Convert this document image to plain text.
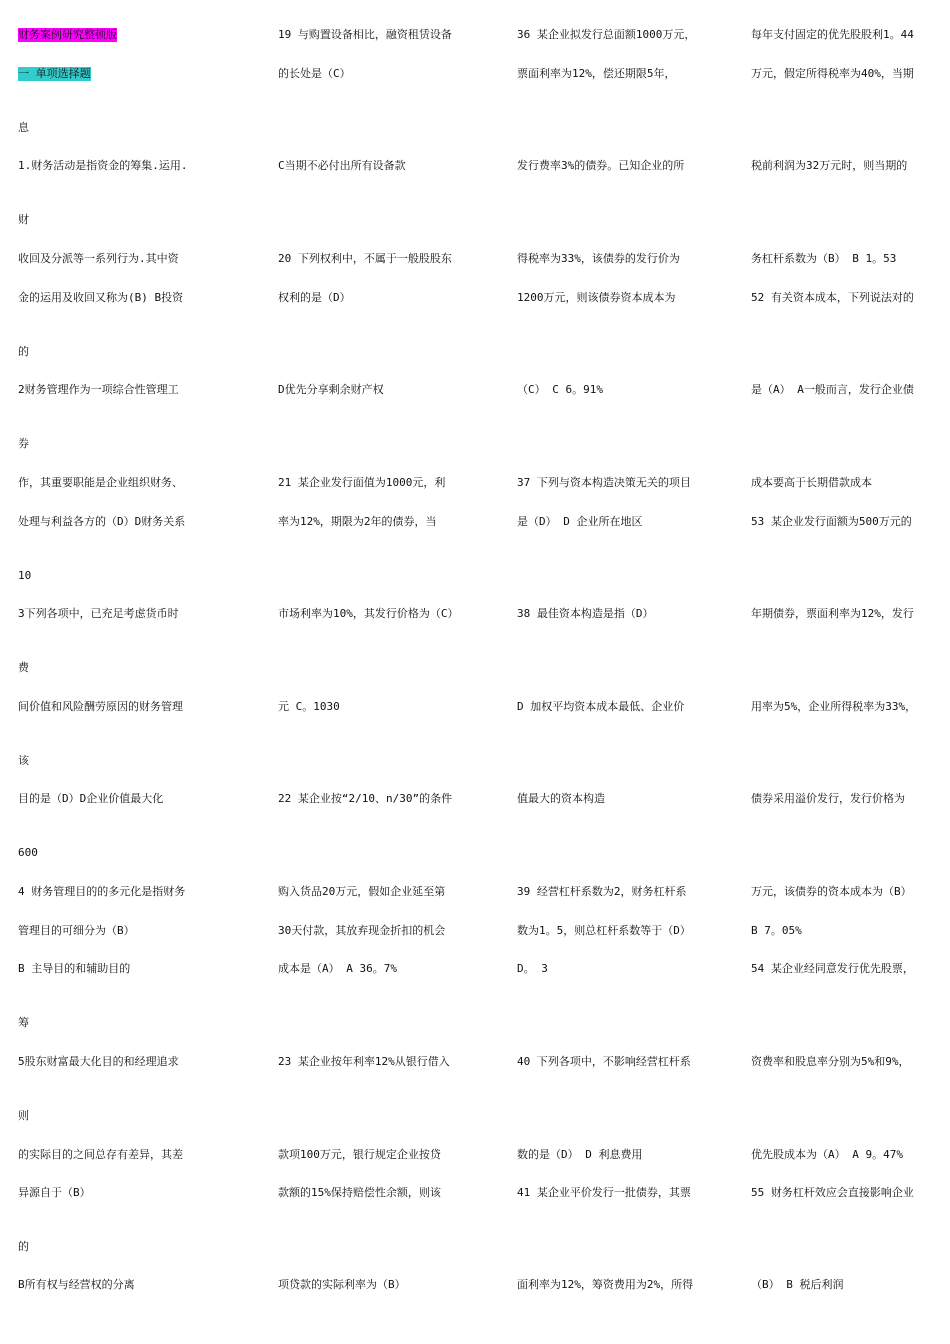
财务案例研究整顿版
一 单项选择题
19 与购置设备相比，融资租赁设备	36 某企业拟发行总面额1000万元，	每年支付固定的优先股股利1。44
的长处是（C）	票面利率为12%，偿还期限5年，	万元，假定所得税率为40%，当期
息
1.财务活动是指资金的筹集.运用.	C当期不必付出所有设备款	发行费率3%的债券。已知企业的所	税前利润为32万元时，则当期的
财
收回及分派等一系列行为.其中资	20 下列权利中，不属于一般股股东	得税率为33%，该债券的发行价为	务杠杆系数为（B） B 1。53
金的运用及收回又称为(B) B投资	权利的是（D）	1200万元，则该债券资本成本为	52 有关资本成本，下列说法对的
的
2财务管理作为一项综合性管理工	D优先分享剩余财产权	（C） C 6。91%	是（A） A一般而言，发行企业债
券
作，其重要职能是企业组织财务、	21 某企业发行面值为1000元，利	37 下列与资本构造决策无关的项目	成本要高于长期借款成本
处理与利益各方的（D）D财务关系	率为12%，期限为2年的债券，当	是（D） D 企业所在地区	53 某企业发行面额为500万元的
10
3下列各项中，已充足考虑货币时	市场利率为10%，其发行价格为（C）	38 最佳资本构造是指（D）	年期债券，票面利率为12%，发行
费
间价值和风险酬劳原因的财务管理	元 C。1030	D 加权平均资本成本最低、企业价	用率为5%，企业所得税率为33%，
该
目的是（D）D企业价值最大化	22 某企业按“2/10、n/30”的条件	值最大的资本构造	债券采用溢价发行，发行价格为
600
4 财务管理目的的多元化是指财务	购入货品20万元，假如企业延至第	39 经营杠杆系数为2，财务杠杆系	万元，该债券的资本成本为（B）
管理目的可细分为（B）	30天付款，其放弃现金折扣的机会	数为1。5，则总杠杆系数等于（D）	B 7。05%
B 主导目的和辅助目的	成本是（A） A 36。7%	D。 3	54 某企业经同意发行优先股票，
筹
5股东财富最大化目的和经理追求	23 某企业按年利率12%从银行借入	40 下列各项中，不影响经营杠杆系	资费率和股息率分别为5%和9%，
则
的实际目的之间总存有差异，其差	款项100万元，银行规定企业按贷	数的是（D） D 利息费用	优先股成本为（A） A 9。47%
异源自于（B）	款额的15%保持赔偿性余额，则该	41 某企业平价发行一批债券，其票	55 财务杠杆效应会直接影响企业
的
B所有权与经营权的分离	项贷款的实际利率为（B）	面利率为12%，筹资费用为2%，所得	（B） B 税后利润
